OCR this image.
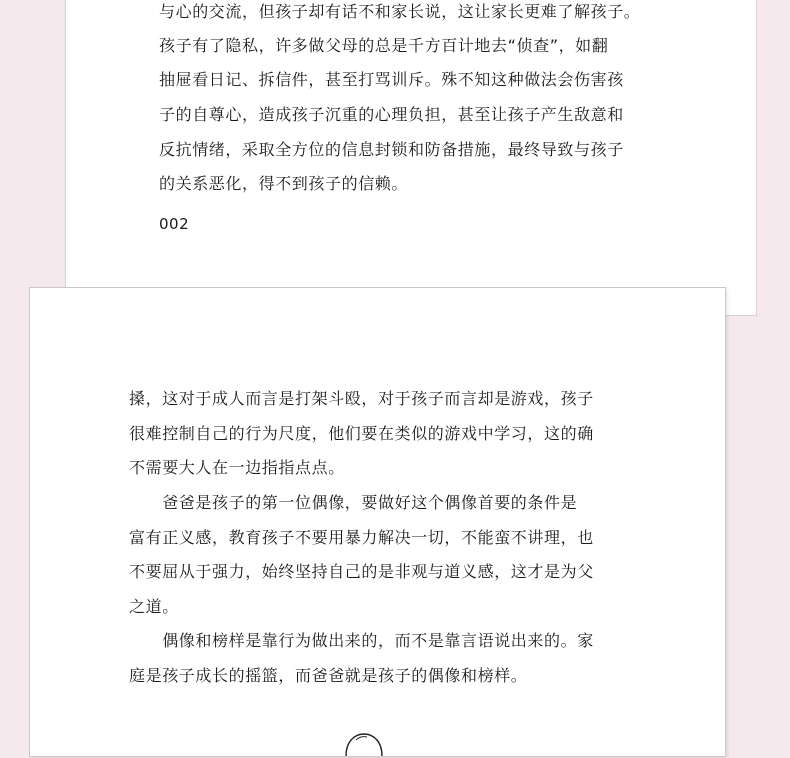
与心的交流，但孩子却有话不和家长说，这让家长更难了解孩子。
孩子有了隐私，许多做父母的总是千方百计地去“侦查”，如翻
抽屉看日记、拆信件，甚至打骂训斥。殊不知这种做法会伤害孩
子的自尊心，造成孩子沉重的心理负担，甚至让孩子产生敌意和
反抗情绪，采取全方位的信息封锁和防备措施，最终导致与孩子
的关系恶化，得不到孩子的信赖。
002
搡，这对于成人而言是打架斗殴，对于孩子而言却是游戏，孩子
很难控制自己的行为尺度，他们要在类似的游戏中学习，这的确
不需要大人在一边指指点点。
　　爸爸是孩子的第一位偶像，要做好这个偶像首要的条件是
富有正义感，教育孩子不要用暴力解决一切，不能蛮不讲理，也
不要屈从于强力，始终坚持自己的是非观与道义感，这才是为父
之道。
　　偶像和榜样是靠行为做出来的，而不是靠言语说出来的。家
庭是孩子成长的摇篮，而爸爸就是孩子的偶像和榜样。
